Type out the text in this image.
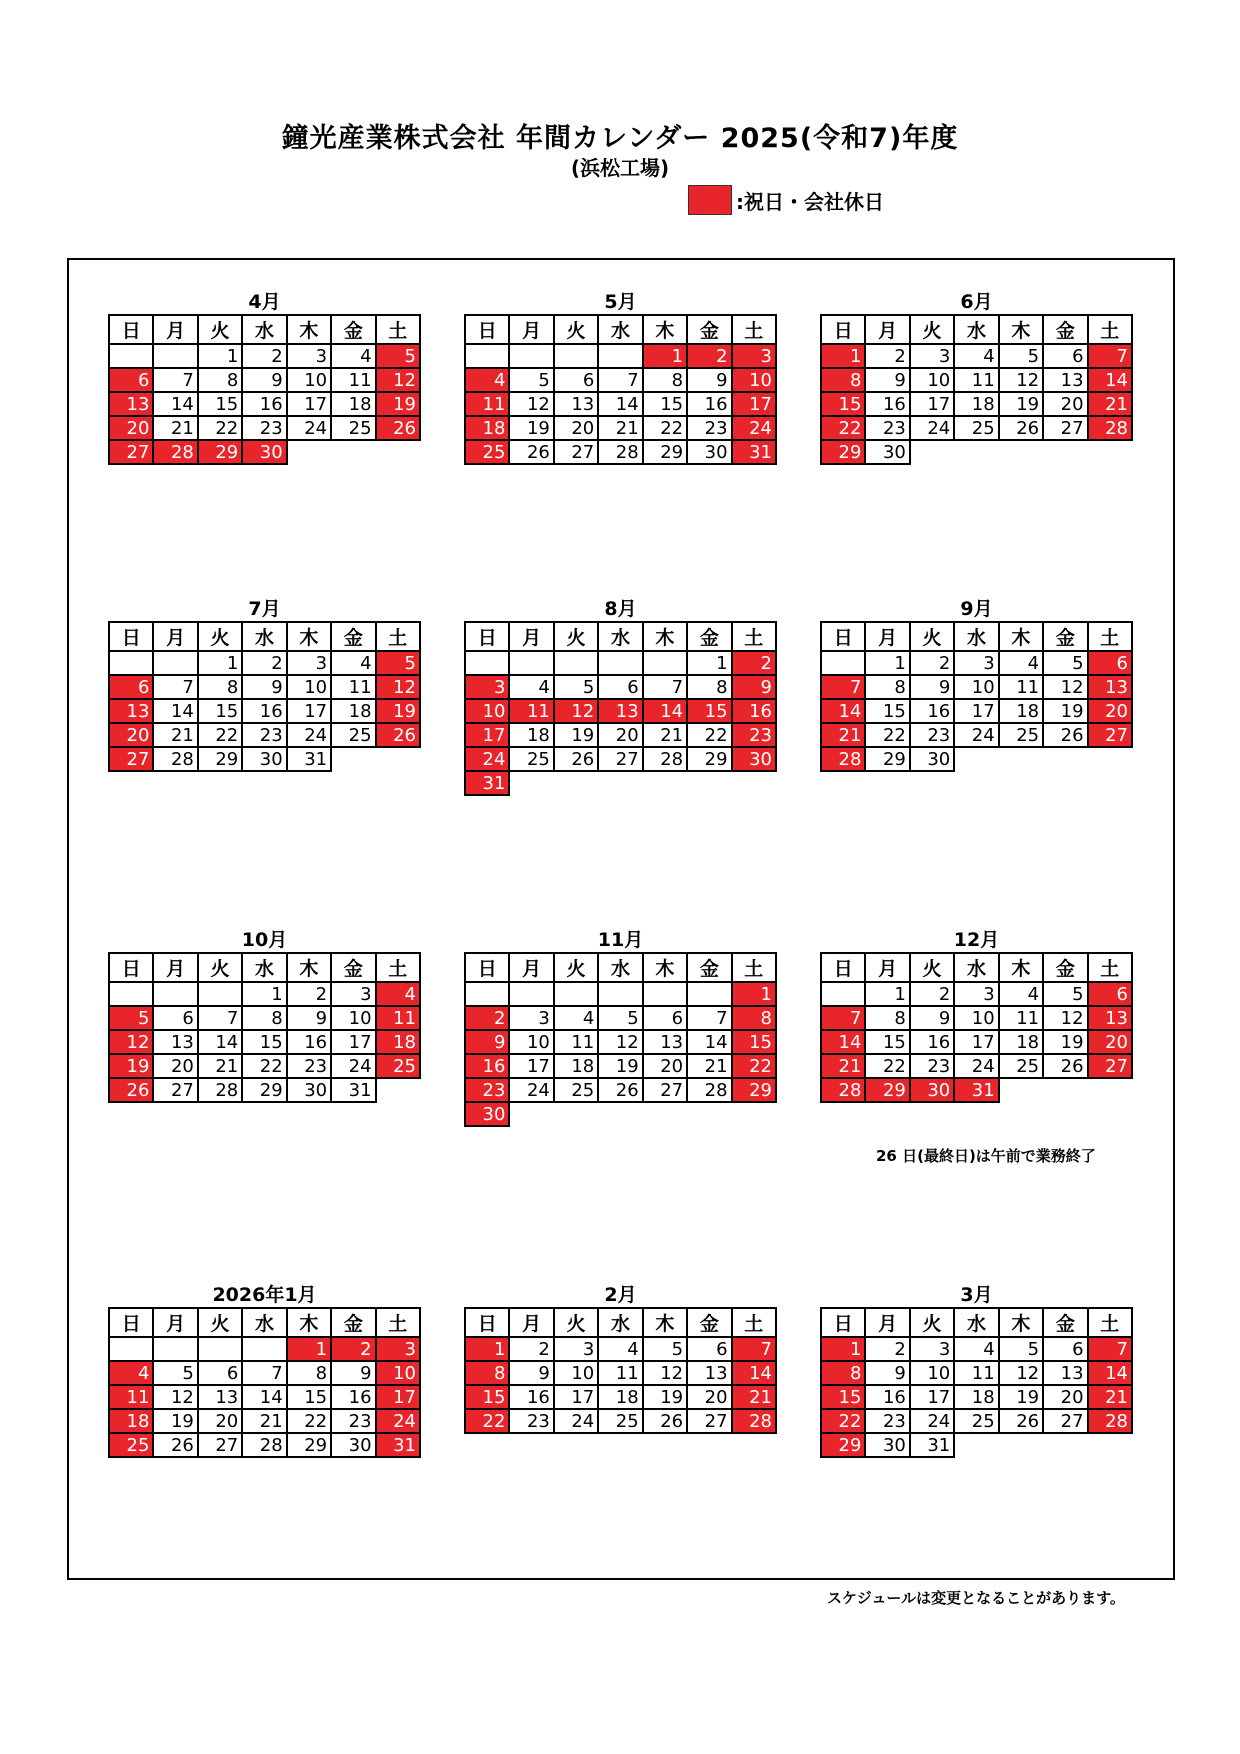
鐘光産業株式会社 年間カレンダー 2025(令和7)年度
(浜松工場)
:祝日・会社休日
4月
日	月	火	水	木	金	土
		1	2	3	4	5
6	7	8	9	10	11	12
13	14	15	16	17	18	19
20	21	22	23	24	25	26
27	28	29	30			
5月
日	月	火	水	木	金	土
				1	2	3
4	5	6	7	8	9	10
11	12	13	14	15	16	17
18	19	20	21	22	23	24
25	26	27	28	29	30	31
6月
日	月	火	水	木	金	土
1	2	3	4	5	6	7
8	9	10	11	12	13	14
15	16	17	18	19	20	21
22	23	24	25	26	27	28
29	30					
7月
日	月	火	水	木	金	土
		1	2	3	4	5
6	7	8	9	10	11	12
13	14	15	16	17	18	19
20	21	22	23	24	25	26
27	28	29	30	31		
8月
日	月	火	水	木	金	土
					1	2
3	4	5	6	7	8	9
10	11	12	13	14	15	16
17	18	19	20	21	22	23
24	25	26	27	28	29	30
31						
9月
日	月	火	水	木	金	土
	1	2	3	4	5	6
7	8	9	10	11	12	13
14	15	16	17	18	19	20
21	22	23	24	25	26	27
28	29	30				
10月
日	月	火	水	木	金	土
			1	2	3	4
5	6	7	8	9	10	11
12	13	14	15	16	17	18
19	20	21	22	23	24	25
26	27	28	29	30	31	
11月
日	月	火	水	木	金	土
						1
2	3	4	5	6	7	8
9	10	11	12	13	14	15
16	17	18	19	20	21	22
23	24	25	26	27	28	29
30						
12月
日	月	火	水	木	金	土
	1	2	3	4	5	6
7	8	9	10	11	12	13
14	15	16	17	18	19	20
21	22	23	24	25	26	27
28	29	30	31			
2026年1月
日	月	火	水	木	金	土
				1	2	3
4	5	6	7	8	9	10
11	12	13	14	15	16	17
18	19	20	21	22	23	24
25	26	27	28	29	30	31
2月
日	月	火	水	木	金	土
1	2	3	4	5	6	7
8	9	10	11	12	13	14
15	16	17	18	19	20	21
22	23	24	25	26	27	28
3月
日	月	火	水	木	金	土
1	2	3	4	5	6	7
8	9	10	11	12	13	14
15	16	17	18	19	20	21
22	23	24	25	26	27	28
29	30	31				
26 日(最終日)は午前で業務終了
スケジュールは変更となることがあります。
